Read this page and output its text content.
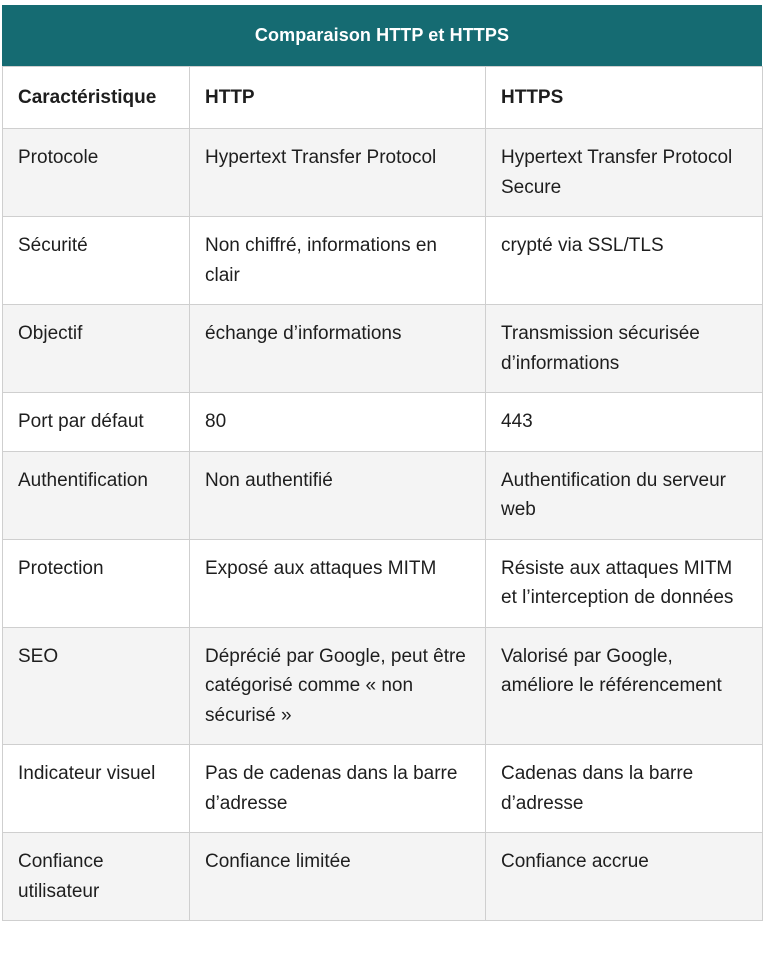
Comparaison HTTP et HTTPS
Caractéristique	HTTP	HTTPS
Protocole	Hypertext Transfer Protocol	Hypertext Transfer Protocol Secure
Sécurité	Non chiffré, informations en clair	crypté via SSL/TLS
Objectif	échange d’informations	Transmission sécurisée d’informations
Port par défaut	80	443
Authentification	Non authentifié	Authentification du serveur web
Protection	Exposé aux attaques MITM	Résiste aux attaques MITM et l’interception de données
SEO	Déprécié par Google, peut être catégorisé comme « non sécurisé »	Valorisé par Google, améliore le référencement
Indicateur visuel	Pas de cadenas dans la barre d’adresse	Cadenas dans la barre d’adresse
Confiance utilisateur	Confiance limitée	Confiance accrue
